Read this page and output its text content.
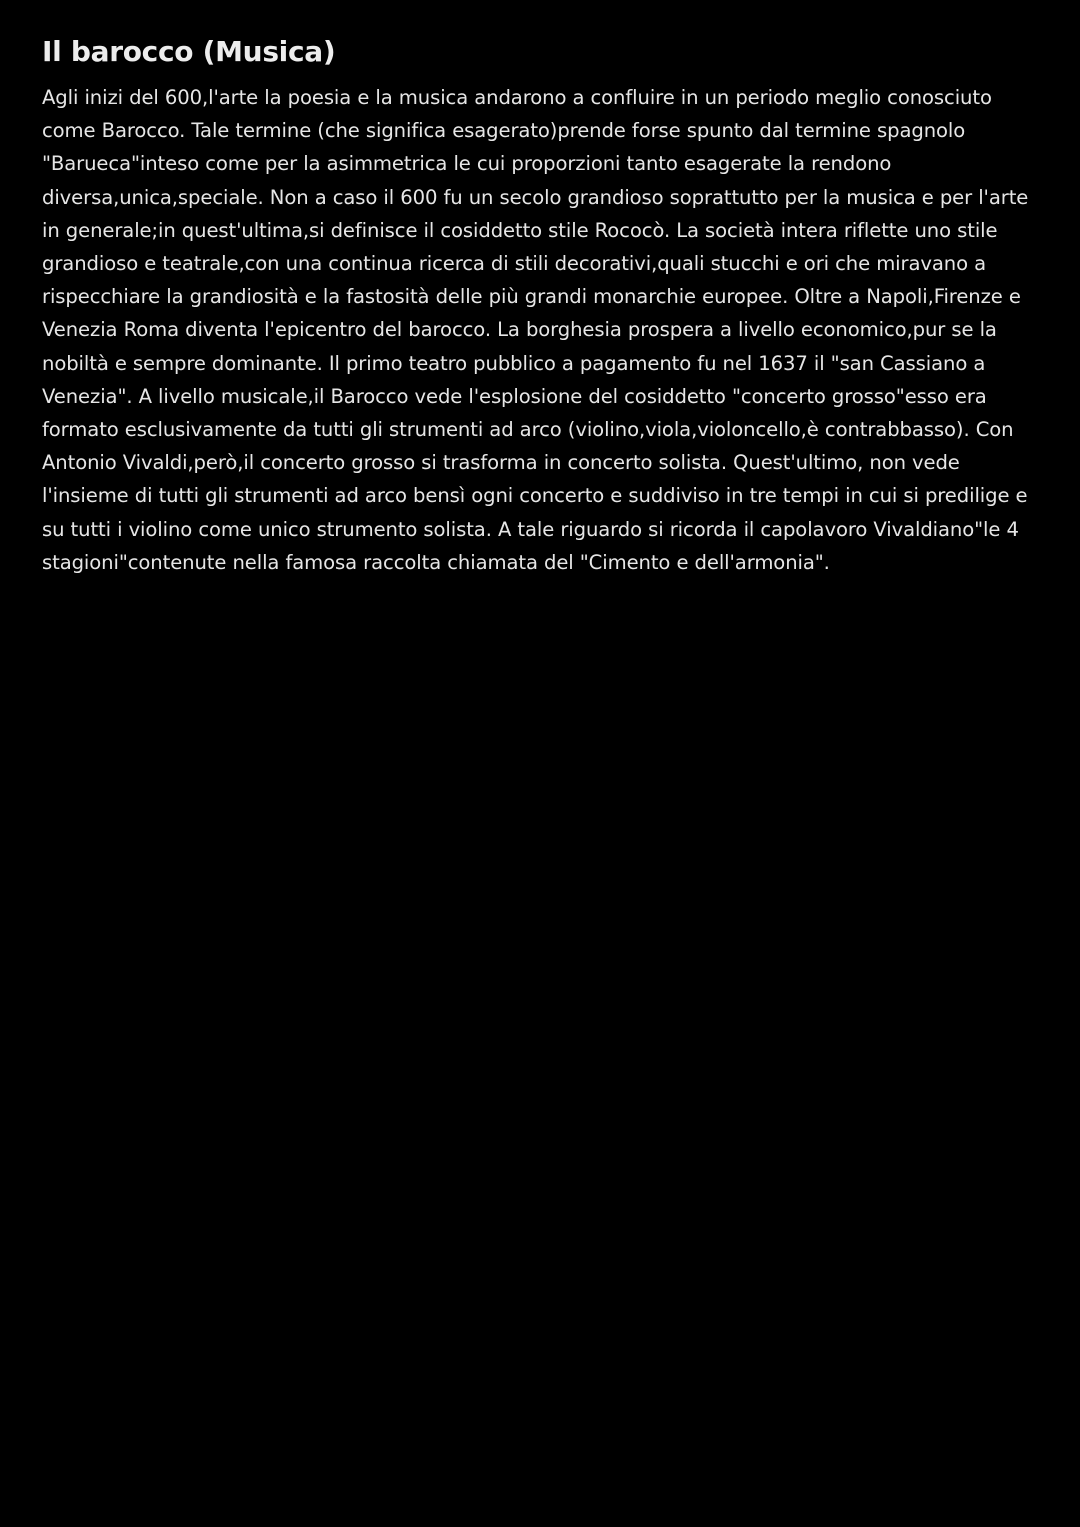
Il barocco (Musica)

Agli inizi del 600,l'arte la poesia e la musica andarono a confluire in un periodo meglio conosciuto come Barocco. Tale termine (che significa esagerato)prende forse spunto dal termine spagnolo "Barueca"inteso come per la asimmetrica le cui proporzioni tanto esagerate la rendono diversa,unica,speciale. Non a caso il 600 fu un secolo grandioso soprattutto per la musica e per l'arte in generale;in quest'ultima,si definisce il cosiddetto stile Rococò. La società intera riflette uno stile grandioso e teatrale,con una continua ricerca di stili decorativi,quali stucchi e ori che miravano a rispecchiare la grandiosità e la fastosità delle più grandi monarchie europee. Oltre a Napoli,Firenze e Venezia Roma diventa l'epicentro del barocco. La borghesia prospera a livello economico,pur se la nobiltà e sempre dominante. Il primo teatro pubblico a pagamento fu nel 1637 il "san Cassiano a Venezia". A livello musicale,il Barocco vede l'esplosione del cosiddetto "concerto grosso"esso era formato esclusivamente da tutti gli strumenti ad arco (violino,viola,violoncello,è contrabbasso). Con Antonio Vivaldi,però,il concerto grosso si trasforma in concerto solista. Quest'ultimo, non vede l'insieme di tutti gli strumenti ad arco bensì ogni concerto e suddiviso in tre tempi in cui si predilige e su tutti i violino come unico strumento solista. A tale riguardo si ricorda il capolavoro Vivaldiano"le 4 stagioni"contenute nella famosa raccolta chiamata del "Cimento e dell'armonia".
